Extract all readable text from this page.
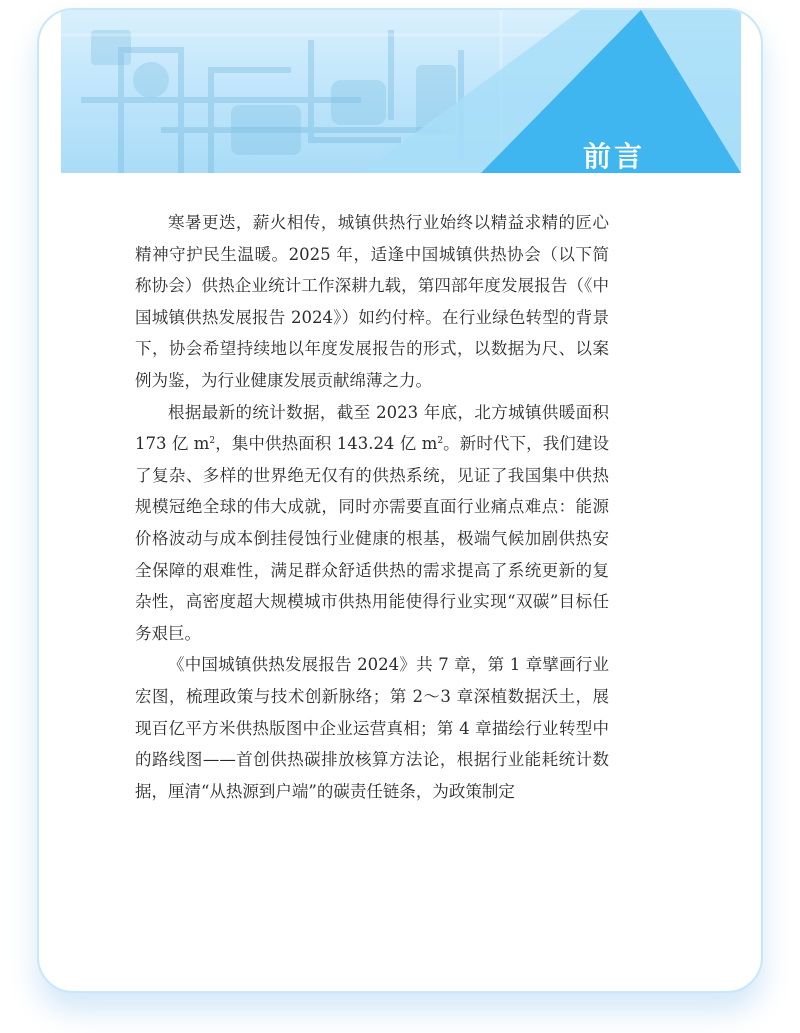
前言

寒暑更迭，薪火相传，城镇供热行业始终以精益求精的匠心精神守护民生温暖。2025 年，适逢中国城镇供热协会（以下简称协会）供热企业统计工作深耕九载，第四部年度发展报告（《中国城镇供热发展报告 2024》）如约付梓。在行业绿色转型的背景下，协会希望持续地以年度发展报告的形式，以数据为尺、以案例为鉴，为行业健康发展贡献绵薄之力。

根据最新的统计数据，截至 2023 年底，北方城镇供暖面积 173 亿 $m^2$，集中供热面积 143.24 亿 $m^2$。新时代下，我们建设了复杂、多样的世界绝无仅有的供热系统，见证了我国集中供热规模冠绝全球的伟大成就，同时亦需要直面行业痛点难点：能源价格波动与成本倒挂侵蚀行业健康的根基，极端气候加剧供热安全保障的艰难性，满足群众舒适供热的需求提高了系统更新的复杂性，高密度超大规模城市供热用能使得行业实现“双碳”目标任务艰巨。

《中国城镇供热发展报告 2024》共 7 章，第 1 章擘画行业宏图，梳理政策与技术创新脉络；第 2～3 章深植数据沃土，展现百亿平方米供热版图中企业运营真相；第 4 章描绘行业转型中的路线图——首创供热碳排放核算方法论，根据行业能耗统计数据，厘清“从热源到户端”的碳责任链条，为政策制定
